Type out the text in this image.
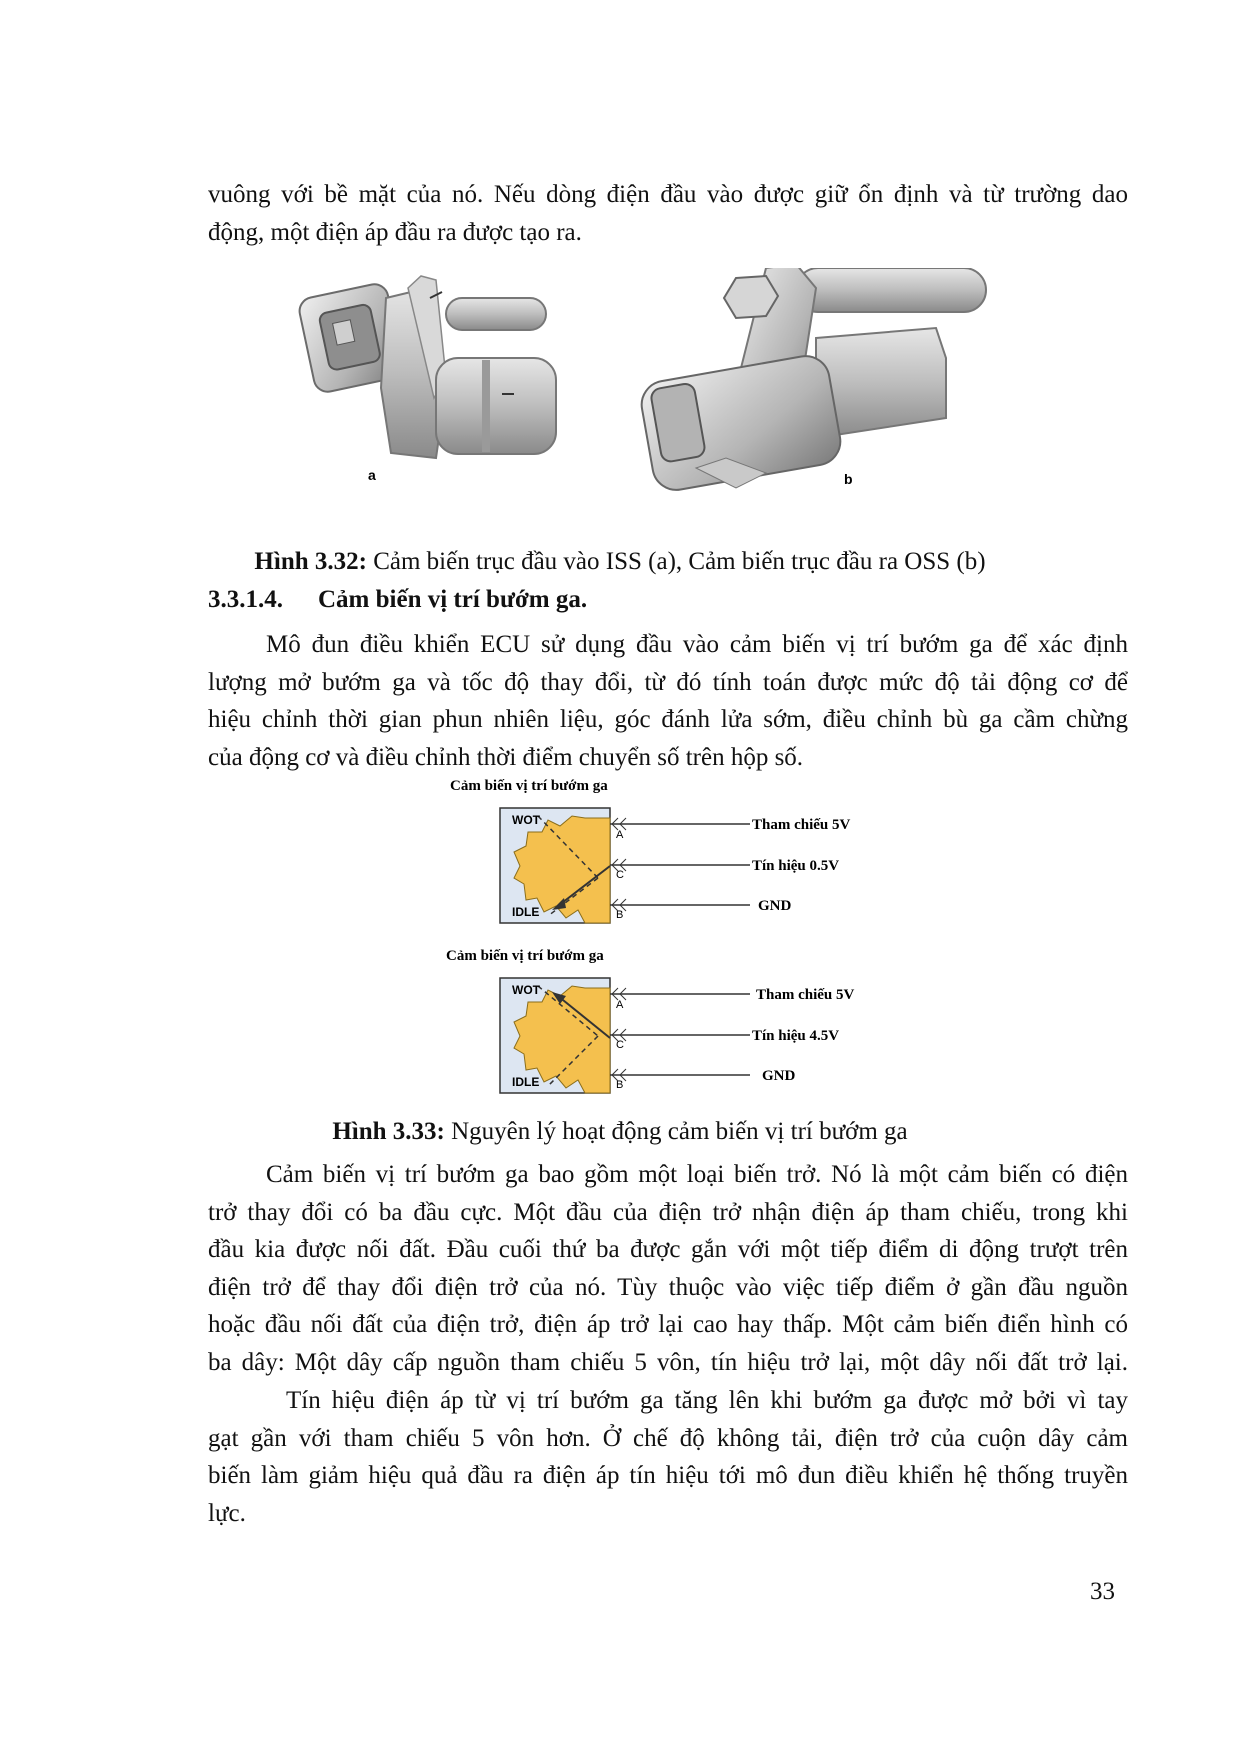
vuông với bề mặt của nó. Nếu dòng điện đầu vào được giữ ổn định và từ trường dao
động, một điện áp đầu ra được tạo ra.

a	b

Hình 3.32: Cảm biến trục đầu vào ISS (a), Cảm biến trục đầu ra OSS (b)

3.3.1.4. Cảm biến vị trí bướm ga.

Mô đun điều khiển ECU sử dụng đầu vào cảm biến vị trí bướm ga để xác định
lượng mở bướm ga và tốc độ thay đổi, từ đó tính toán được mức độ tải động cơ để
hiệu chỉnh thời gian phun nhiên liệu, góc đánh lửa sớm, điều chỉnh bù ga cầm chừng
của động cơ và điều chỉnh thời điểm chuyển số trên hộp số.

Cảm biến vị trí bướm ga
WOT
IDLE
A
C
B
Tham chiếu 5V
Tín hiệu 0.5V
GND
Cảm biến vị trí bướm ga
WOT
IDLE
A
C
B
Tham chiếu 5V
Tín hiệu 4.5V
GND

Hình 3.33: Nguyên lý hoạt động cảm biến vị trí bướm ga

Cảm biến vị trí bướm ga bao gồm một loại biến trở. Nó là một cảm biến có điện
trở thay đổi có ba đầu cực. Một đầu của điện trở nhận điện áp tham chiếu, trong khi
đầu kia được nối đất. Đầu cuối thứ ba được gắn với một tiếp điểm di động trượt trên
điện trở để thay đổi điện trở của nó. Tùy thuộc vào việc tiếp điểm ở gần đầu nguồn
hoặc đầu nối đất của điện trở, điện áp trở lại cao hay thấp. Một cảm biến điển hình có
ba dây: Một dây cấp nguồn tham chiếu 5 vôn, tín hiệu trở lại, một dây nối đất trở lại.

Tín hiệu điện áp từ vị trí bướm ga tăng lên khi bướm ga được mở bởi vì tay
gạt gần với tham chiếu 5 vôn hơn. Ở chế độ không tải, điện trở của cuộn dây cảm
biến làm giảm hiệu quả đầu ra điện áp tín hiệu tới mô đun điều khiển hệ thống truyền
lực.

33
